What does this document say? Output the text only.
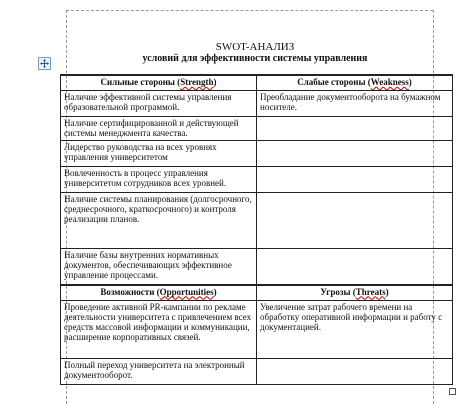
SWOT-АНАЛИЗ
условий для эффективности системы управления
Сильные стороны (Strength)	Слабые стороны (Weakness)
Наличие эффективной системы управления образовательной программой.	Преобладание документооборота на бумажном носителе.
Наличие сертифицированной и действующей системы менеджмента качества.	
Лидерство руководства на всех уровнях управления университетом	
Вовлеченность в процесс управления университетом сотрудников всех уровней.	
Наличие системы планирования (долгосрочного, среднесрочного, краткосрочного) и контроля реализации планов.	
Наличие базы внутренних нормативных документов, обеспечивающих эффективное управление процессами.	
Возможности (Opportunities)	Угрозы (Threats)
Проведение активной PR-кампании по рекламе деятельности университета с привлечением всех средств массовой информации и коммуникации, расширение корпоративных связей.	Увеличение затрат рабочего времени на обработку оперативной информации и работу с документацией.
Полный переход университета на электронный документооборот.	
